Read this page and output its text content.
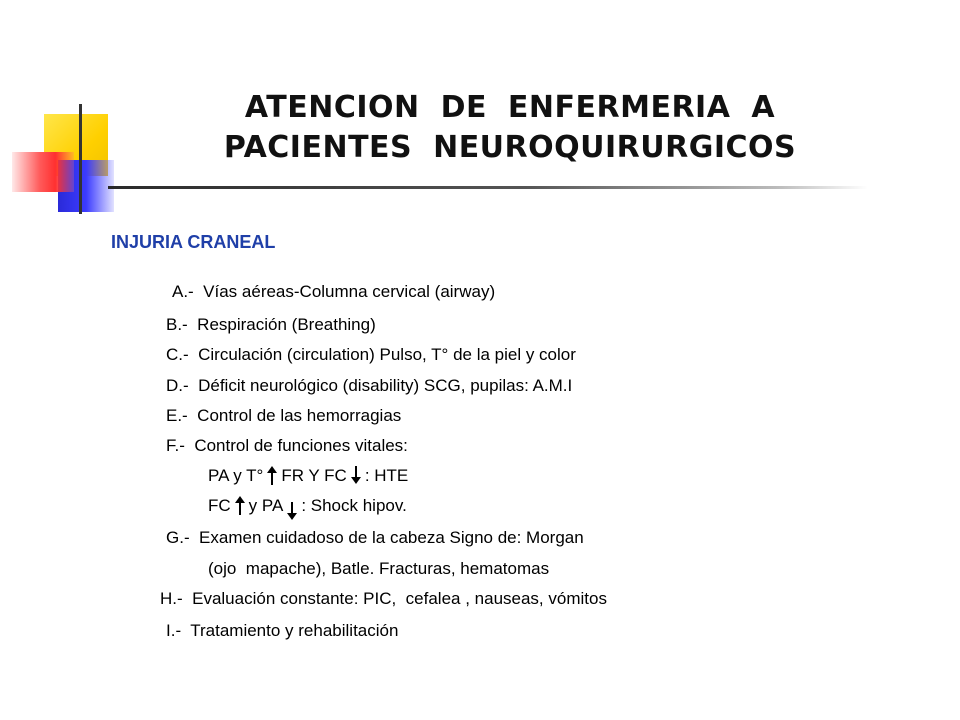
ATENCION DE ENFERMERIA A
PACIENTES NEUROQUIRURGICOS
INJURIA CRANEAL
A.-  Vías aéreas-Columna cervical (airway)
B.-  Respiración (Breathing)
C.-  Circulación (circulation) Pulso, T° de la piel y color
D.-  Déficit neurológico (disability) SCG, pupilas: A.M.I
E.-  Control de las hemorragias
F.-  Control de funciones vitales:
PA y T° FR Y FC : HTE
FC y PA : Shock hipov.
G.-  Examen cuidadoso de la cabeza Signo de: Morgan
(ojo  mapache), Batle. Fracturas, hematomas
H.-  Evaluación constante: PIC,  cefalea , nauseas, vómitos
I.-  Tratamiento y rehabilitación
